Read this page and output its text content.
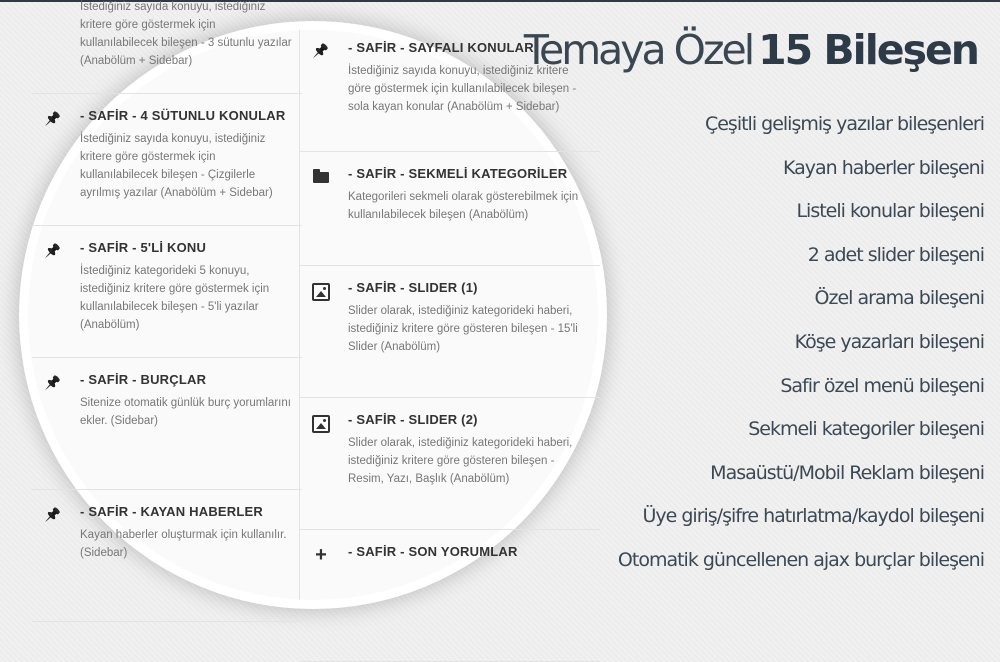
İstediğiniz sayıda konuyu, istediğiniz kritere göre göstermek için kullanılabilecek bileşen - 3 sütunlu yazılar (Anabölüm + Sidebar)

📌 - SAFİR - 4 SÜTUNLU KONULAR

İstediğiniz sayıda konuyu, istediğiniz kritere göre göstermek için kullanılabilecek bileşen - Çizgilerle ayrılmış yazılar (Anabölüm + Sidebar)

📌 - SAFİR - 5'Lİ KONU

İstediğiniz kategorideki 5 konuyu, istediğiniz kritere göre göstermek için kullanılabilecek bileşen - 5'li yazılar (Anabölüm)

📌 - SAFİR - BURÇLAR

Sitenize otomatik günlük burç yorumlarını ekler. (Sidebar)

📌 - SAFİR - KAYAN HABERLER

Kayan haberler oluşturmak için kullanılır. (Sidebar)

📌 - SAFİR - SAYFALI KONULAR

İstediğiniz sayıda konuyu, istediğiniz kritere göre göstermek için kullanılabilecek bileşen - sola kayan konular (Anabölüm + Sidebar)

- SAFİR - SEKMELİ KATEGORİLER

Kategorileri sekmeli olarak gösterebilmek için kullanılabilecek bileşen (Anabölüm)

- SAFİR - SLIDER (1)

Slider olarak, istediğiniz kategorideki haberi, istediğiniz kritere göre gösteren bileşen - 15'li Slider (Anabölüm)

- SAFİR - SLIDER (2)

Slider olarak, istediğiniz kategorideki haberi, istediğiniz kritere göre gösteren bileşen - Resim, Yazı, Başlık (Anabölüm)

+ - SAFİR - SON YORUMLAR

Temaya Özel 15 Bileşen
Çeşitli gelişmiş yazılar bileşenleri
Kayan haberler bileşeni
Listeli konular bileşeni
2 adet slider bileşeni
Özel arama bileşeni
Köşe yazarları bileşeni
Safir özel menü bileşeni
Sekmeli kategoriler bileşeni
Masaüstü/Mobil Reklam bileşeni
Üye giriş/şifre hatırlatma/kaydol bileşeni
Otomatik güncellenen ajax burçlar bileşeni
